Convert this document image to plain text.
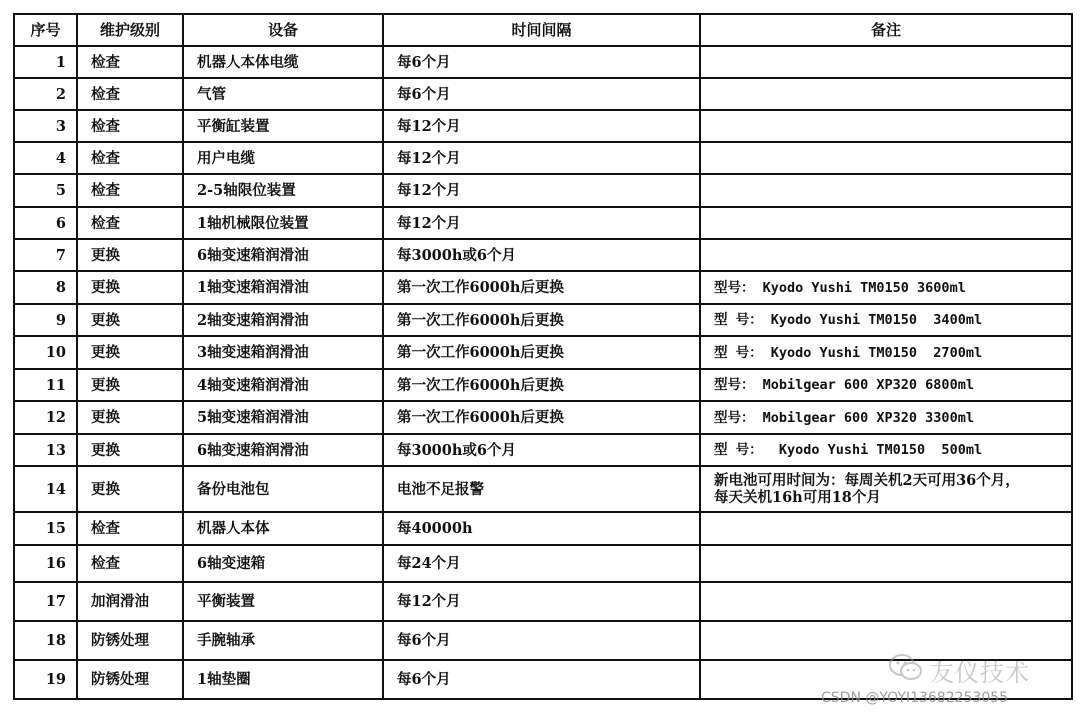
序号	维护级别	设备	时间间隔	备注
1	检查	机器人本体电缆	每6个月	
2	检查	气管	每6个月	
3	检查	平衡缸装置	每12个月	
4	检查	用户电缆	每12个月	
5	检查	2-5轴限位装置	每12个月	
6	检查	1轴机械限位装置	每12个月	
7	更换	6轴变速箱润滑油	每3000h或6个月	
8	更换	1轴变速箱润滑油	第一次工作6000h后更换	型号： Kyodo Yushi TM0150 3600ml
9	更换	2轴变速箱润滑油	第一次工作6000h后更换	型 号： Kyodo Yushi TM0150  3400ml
10	更换	3轴变速箱润滑油	第一次工作6000h后更换	型 号： Kyodo Yushi TM0150  2700ml
11	更换	4轴变速箱润滑油	第一次工作6000h后更换	型号： Mobilgear 600 XP320 6800ml
12	更换	5轴变速箱润滑油	第一次工作6000h后更换	型号： Mobilgear 600 XP320 3300ml
13	更换	6轴变速箱润滑油	每3000h或6个月	型 号：  Kyodo Yushi TM0150  500ml
14	更换	备份电池包	电池不足报警	新电池可用时间为：每周关机2天可用36个月，
每天关机16h可用18个月

15	检查	机器人本体	每40000h	
16	检查	6轴变速箱	每24个月	
17	加润滑油	平衡装置	每12个月	
18	防锈处理	手腕轴承	每6个月	
19	防锈处理	1轴垫圈	每6个月		友仪技术
CSDN @YOYI13682253055
